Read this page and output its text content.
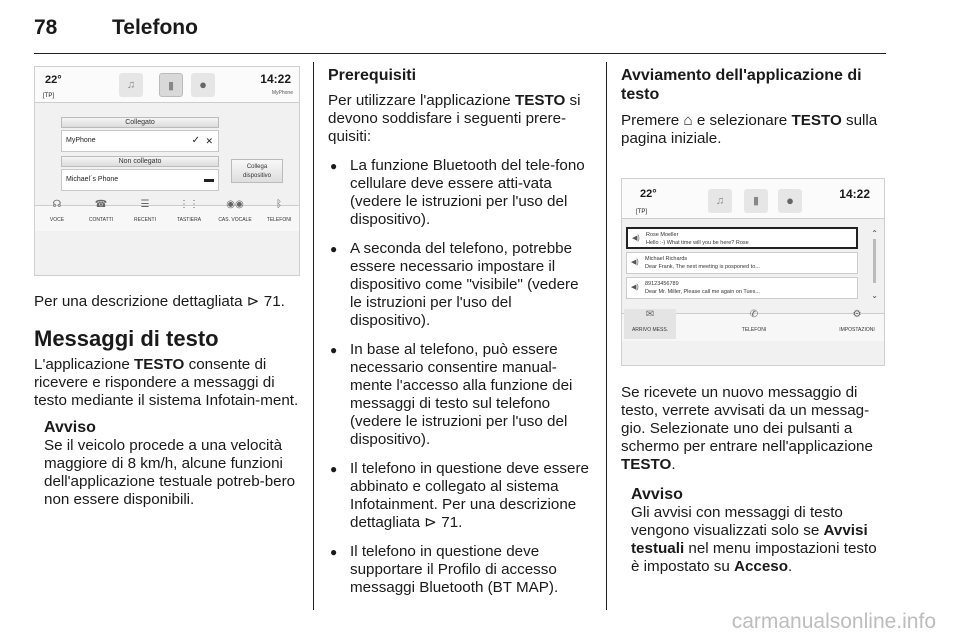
78	Telefono
22°
[TP]
♫	▮	●	14:22
MyPhone
Collegato
MyPhone	✓ ✕
Non collegato
Michael´s Phone	▬
Collega
dispositivo
☊
VOCE
☎
CONTATTI
☰
RECENTI
⋮⋮
TASTIERA
◉◉
CAS. VOCALE
ᛒ
TELEFONI

Per una descrizione dettagliata ⊳ 71.

Messaggi di testo

L'applicazione TESTO consente di ricevere e rispondere a messaggi di testo mediante il sistema Infotain-ment.

Avviso

Se il veicolo procede a una velocità maggiore di 8 km/h, alcune funzioni dell'applicazione testuale potreb-bero non essere disponibili.

Prerequisiti

Per utilizzare l'applicazione TESTO si devono soddisfare i seguenti prere-quisiti:

● La funzione Bluetooth del tele-fono cellulare deve essere atti-vata (vedere le istruzioni per l'uso del dispositivo).

● A seconda del telefono, potrebbe essere necessario impostare il dispositivo come "visibile" (vedere le istruzioni per l'uso del dispositivo).

● In base al telefono, può essere necessario consentire manual-mente l'accesso alla funzione dei messaggi di testo sul telefono (vedere le istruzioni per l'uso del dispositivo).

● Il telefono in questione deve essere abbinato e collegato al sistema Infotainment. Per una descrizione dettagliata ⊳ 71.

● Il telefono in questione deve supportare il Profilo di accesso messaggi Bluetooth (BT MAP).

Avviamento dell'applicazione di testo

Premere ⌂ e selezionare TESTO sulla pagina iniziale.

22°
[TP]
♫	▮	●	14:22
◀) Rose Moeller
Hello :-) What time will you be here? Rose
◀) Michael Richards
Dear Frank, The next meeting is posponed to...
◀) 89123456789
Dear Mr. Miller, Please call me again on Tues...
⌃
⌄
✉
ARRIVO MESS.
✆
TELEFONI
⚙
IMPOSTAZIONI

Se ricevete un nuovo messaggio di testo, verrete avvisati da un messag-gio. Selezionate uno dei pulsanti a schermo per entrare nell'applicazione TESTO.

Avviso

Gli avvisi con messaggi di testo vengono visualizzati solo se Avvisi testuali nel menu impostazioni testo è impostato su Acceso.

carmanualsonline.info
